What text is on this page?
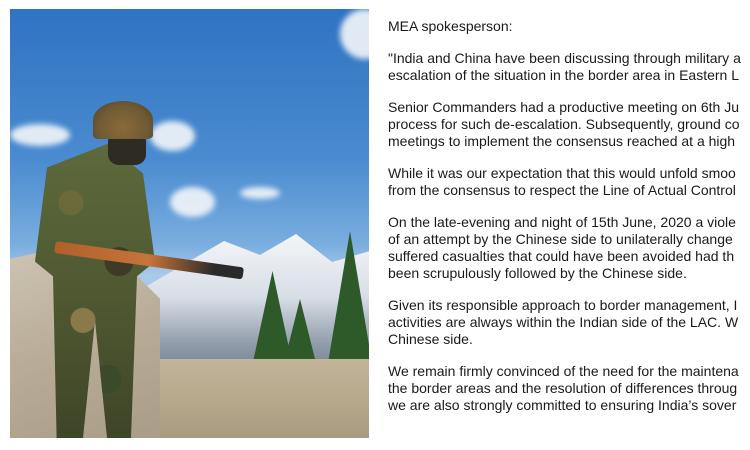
MEA spokesperson:

"India and China have been discussing through military a
escalation of the situation in the border area in Eastern L

Senior Commanders had a productive meeting on 6th Ju
process for such de-escalation. Subsequently, ground co
meetings to implement the consensus reached at a high

While it was our expectation that this would unfold smoo
from the consensus to respect the Line of Actual Control

On the late-evening and night of 15th June, 2020 a viole
of an attempt by the Chinese side to unilaterally change
suffered casualties that could have been avoided had th
been scrupulously followed by the Chinese side.

Given its responsible approach to border management, I
activities are always within the Indian side of the LAC. W
Chinese side.

We remain firmly convinced of the need for the maintena
the border areas and the resolution of differences throug
we are also strongly committed to ensuring India’s sover
